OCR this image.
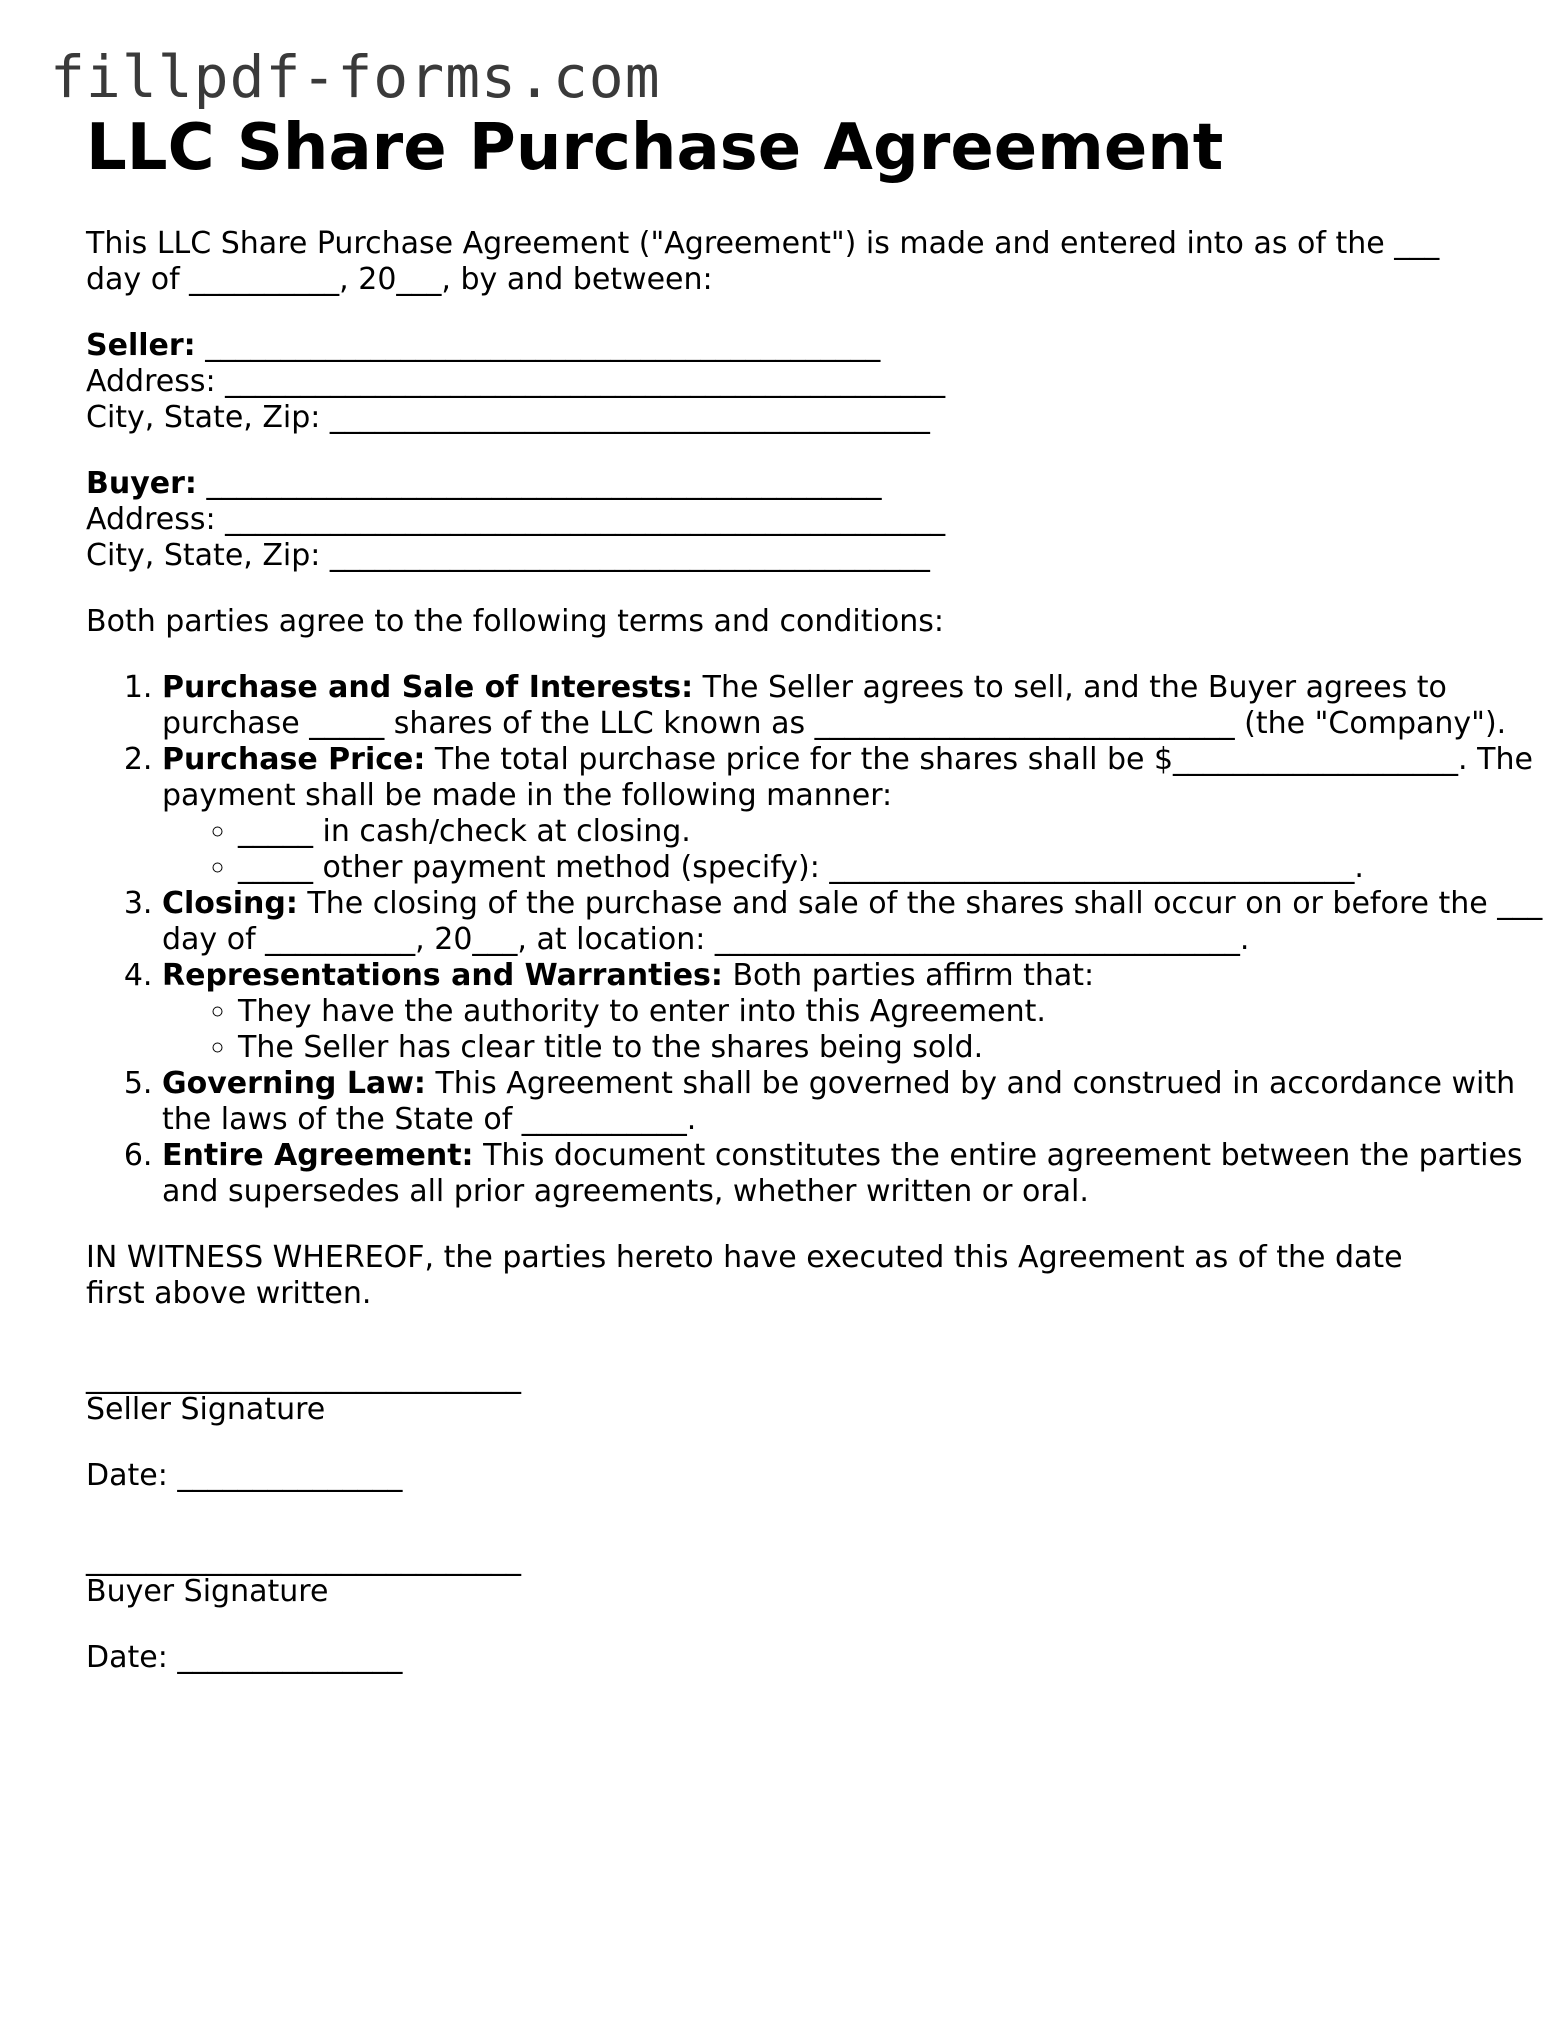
fillpdf-forms.com
LLC Share Purchase Agreement

This LLC Share Purchase Agreement ("Agreement") is made and entered into as of the ___ day of __________, 20___, by and between:

Seller: _____________________________________________
Address: ________________________________________________
City, State, Zip: ________________________________________
Buyer: _____________________________________________
Address: ________________________________________________
City, State, Zip: ________________________________________

Both parties agree to the following terms and conditions:

1. Purchase and Sale of Interests: The Seller agrees to sell, and the Buyer agrees to purchase _____ shares of the LLC known as ____________________________ (the "Company").
2. Purchase Price: The total purchase price for the shares shall be $___________________. The payment shall be made in the following manner:
◦ _____ in cash/check at closing.
◦ _____ other payment method (specify): ___________________________________.
3. Closing: The closing of the purchase and sale of the shares shall occur on or before the ___ day of __________, 20___, at location: ___________________________________.
4. Representations and Warranties: Both parties affirm that:
◦ They have the authority to enter into this Agreement.
◦ The Seller has clear title to the shares being sold.
5. Governing Law: This Agreement shall be governed by and construed in accordance with the laws of the State of ___________.
6. Entire Agreement: This document constitutes the entire agreement between the parties and supersedes all prior agreements, whether written or oral.

IN WITNESS WHEREOF, the parties hereto have executed this Agreement as of the date first above written.

_____________________________
Seller Signature
Date: _______________
_____________________________
Buyer Signature
Date: _______________
